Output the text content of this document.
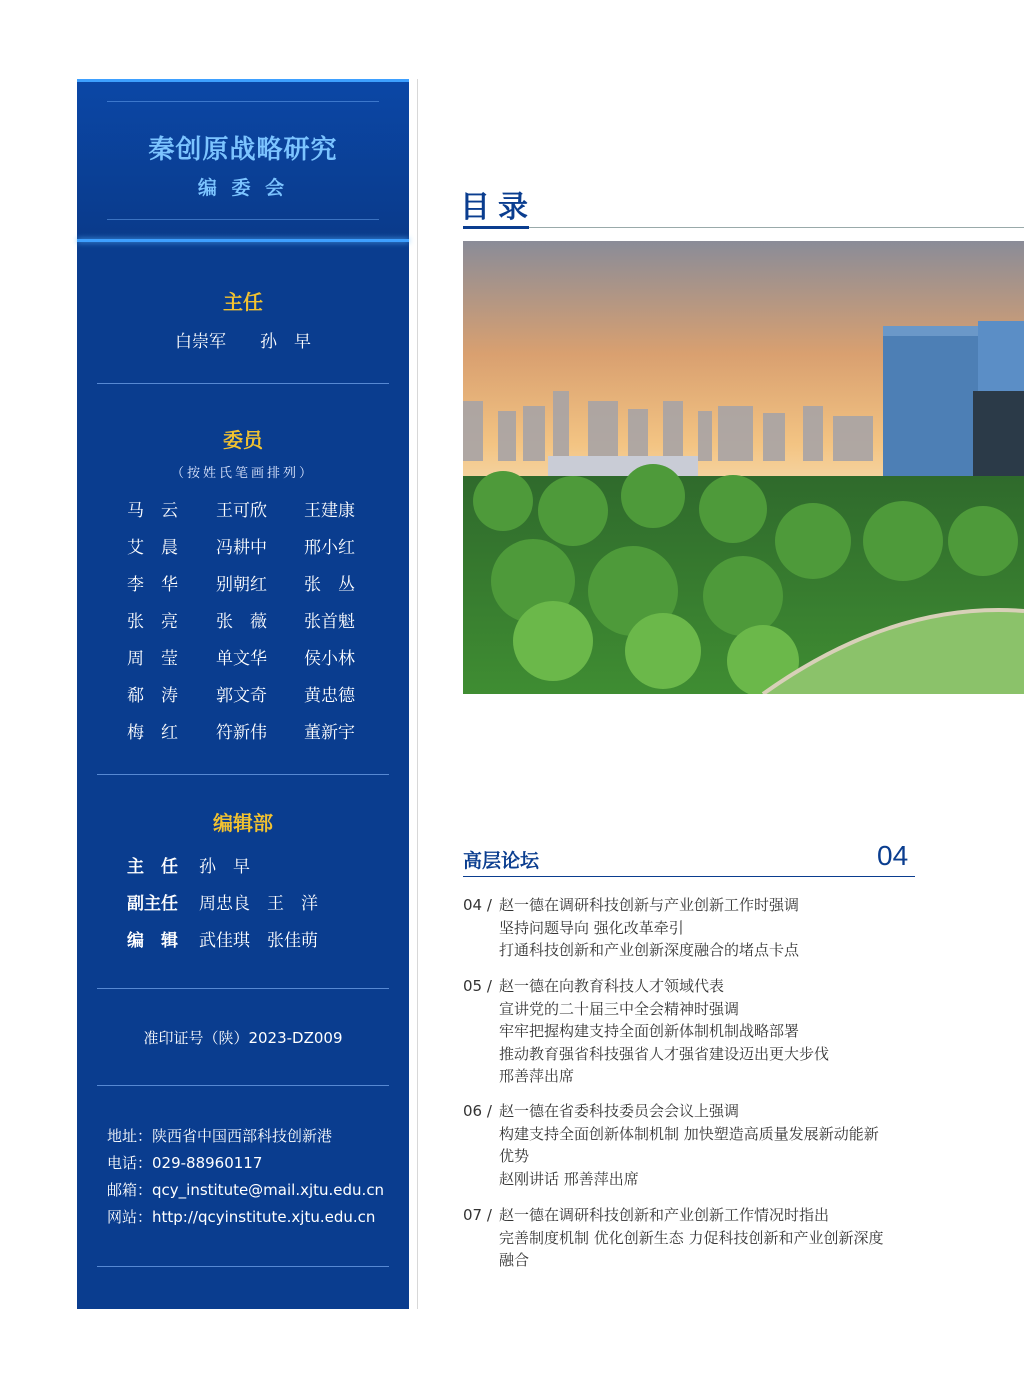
秦创原战略研究
编 委 会
主任
白崇军　　孙　早
委员
（按姓氏笔画排列）
马　云 王可欣 王建康
艾　晨 冯耕中 邢小红
李　华 别朝红 张　丛
张　亮 张　薇 张首魁
周　莹 单文华 侯小林
郗　涛 郭文奇 黄忠德
梅　红 符新伟 董新宇
编辑部
主　任 孙　早
副主任 周忠良　王　洋
编　辑 武佳琪　张佳萌
准印证号（陕）2023-DZ009
地址：陕西省中国西部科技创新港
电话：029-88960117
邮箱：qcy_institute@mail.xjtu.edu.cn
网站：http://qcyinstitute.xjtu.edu.cn
目录
高层论坛	04
04 / 赵一德在调研科技创新与产业创新工作时强调
坚持问题导向 强化改革牵引
打通科技创新和产业创新深度融合的堵点卡点
05 / 赵一德在向教育科技人才领域代表
宣讲党的二十届三中全会精神时强调
牢牢把握构建支持全面创新体制机制战略部署
推动教育强省科技强省人才强省建设迈出更大步伐
邢善萍出席
06 / 赵一德在省委科技委员会会议上强调
构建支持全面创新体制机制 加快塑造高质量发展新动能新
优势
赵刚讲话 邢善萍出席
07 / 赵一德在调研科技创新和产业创新工作情况时指出
完善制度机制 优化创新生态 力促科技创新和产业创新深度
融合
